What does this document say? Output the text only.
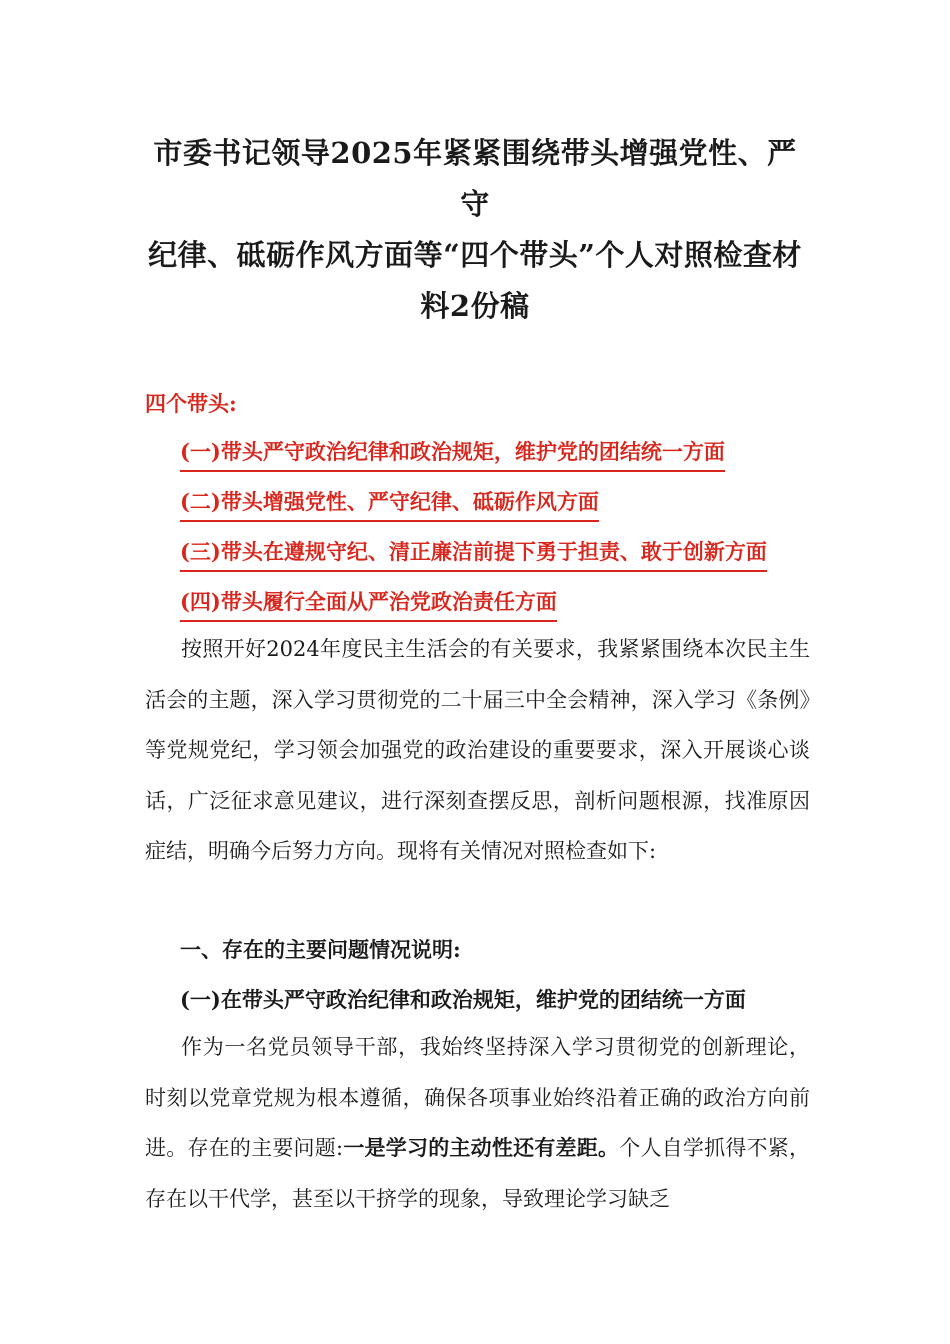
市委书记领导2025年紧紧围绕带头增强党性、严守
纪律、砥砺作风方面等“四个带头”个人对照检查材
料2份稿
四个带头:
(一)带头严守政治纪律和政治规矩，维护党的团结统一方面
(二)带头增强党性、严守纪律、砥砺作风方面
(三)带头在遵规守纪、清正廉洁前提下勇于担责、敢于创新方面
(四)带头履行全面从严治党政治责任方面
按照开好2024年度民主生活会的有关要求，我紧紧围绕本次民主生活会的主题，深入学习贯彻党的二十届三中全会精神，深入学习《条例》等党规党纪，学习领会加强党的政治建设的重要要求，深入开展谈心谈话，广泛征求意见建议，进行深刻查摆反思，剖析问题根源，找准原因症结，明确今后努力方向。现将有关情况对照检查如下:
一、存在的主要问题情况说明:
(一)在带头严守政治纪律和政治规矩，维护党的团结统一方面
作为一名党员领导干部，我始终坚持深入学习贯彻党的创新理论，时刻以党章党规为根本遵循，确保各项事业始终沿着正确的政治方向前进。存在的主要问题:一是学习的主动性还有差距。个人自学抓得不紧，存在以干代学，甚至以干挤学的现象，导致理论学习缺乏
